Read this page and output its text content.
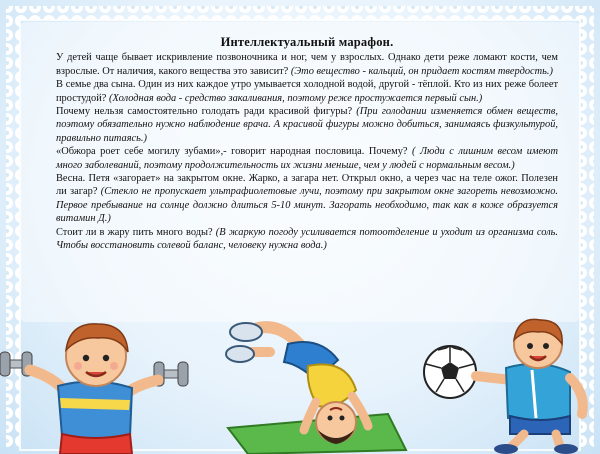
Интеллектуальный марафон.

У детей чаще бывает искривление позвоночника и ног, чем у взрослых. Однако дети реже ломают кости, чем взрослые. От наличия, какого вещества это зависит? (Это вещество - кальций, он придает костям твердость.)

В семье два сына. Один из них каждое утро умывается холодной водой, другой - тёплой. Кто из них реже болеет простудой? (Холодная вода - средство закаливания, поэтому реже простужается первый сын.)

Почему нельзя самостоятельно голодать ради красивой фигуры? (При голодании изменяется обмен веществ, поэтому обязательно нужно наблюдение врача. А красивой фигуры можно добиться, занимаясь физкультурой, правильно питаясь.)

«Обжора роет себе могилу зубами»,- говорит народная пословица. Почему? ( Люди с лишним весом имеют много заболеваний, поэтому продолжительность их жизни меньше, чем у людей с нормальным весом.)

Весна. Петя «загорает» на закрытом окне. Жарко, а загара нет. Открыл окно, а через час на теле ожог. Полезен ли загар? (Стекло не пропускает ультрафиолетовые лучи, поэтому при закрытом окне загореть невозможно. Первое пребывание на солнце должно длиться 5-10 минут. Загорать необходимо, так как в коже образуется витамин Д.)

Стоит ли в жару пить много воды? (В жаркую погоду усиливается потоотделение и уходит из организма соль. Чтобы восстановить солевой баланс, человеку нужна вода.)
